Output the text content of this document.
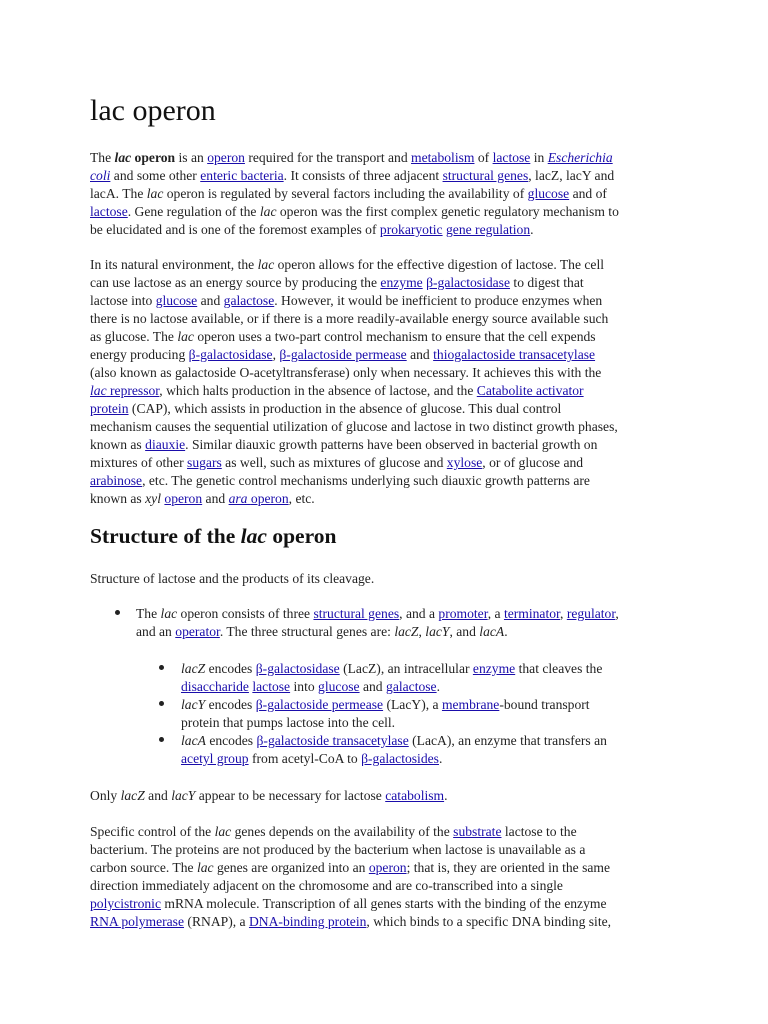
lac operon
The lac operon is an operon required for the transport and metabolism of lactose in Escherichia
coli and some other enteric bacteria. It consists of three adjacent structural genes, lacZ, lacY and
lacA. The lac operon is regulated by several factors including the availability of glucose and of
lactose. Gene regulation of the lac operon was the first complex genetic regulatory mechanism to
be elucidated and is one of the foremost examples of prokaryotic gene regulation.
In its natural environment, the lac operon allows for the effective digestion of lactose. The cell
can use lactose as an energy source by producing the enzyme β-galactosidase to digest that
lactose into glucose and galactose. However, it would be inefficient to produce enzymes when
there is no lactose available, or if there is a more readily-available energy source available such
as glucose. The lac operon uses a two-part control mechanism to ensure that the cell expends
energy producing β-galactosidase, β-galactoside permease and thiogalactoside transacetylase
(also known as galactoside O-acetyltransferase) only when necessary. It achieves this with the
lac repressor, which halts production in the absence of lactose, and the Catabolite activator
protein (CAP), which assists in production in the absence of glucose. This dual control
mechanism causes the sequential utilization of glucose and lactose in two distinct growth phases,
known as diauxie. Similar diauxic growth patterns have been observed in bacterial growth on
mixtures of other sugars as well, such as mixtures of glucose and xylose, or of glucose and
arabinose, etc. The genetic control mechanisms underlying such diauxic growth patterns are
known as xyl operon and ara operon, etc.
Structure of the lac operon
Structure of lactose and the products of its cleavage.
The lac operon consists of three structural genes, and a promoter, a terminator, regulator,
and an operator. The three structural genes are: lacZ, lacY, and lacA.
lacZ encodes β-galactosidase (LacZ), an intracellular enzyme that cleaves the
disaccharide lactose into glucose and galactose.
lacY encodes β-galactoside permease (LacY), a membrane-bound transport
protein that pumps lactose into the cell.
lacA encodes β-galactoside transacetylase (LacA), an enzyme that transfers an
acetyl group from acetyl-CoA to β-galactosides.
Only lacZ and lacY appear to be necessary for lactose catabolism.
Specific control of the lac genes depends on the availability of the substrate lactose to the
bacterium. The proteins are not produced by the bacterium when lactose is unavailable as a
carbon source. The lac genes are organized into an operon; that is, they are oriented in the same
direction immediately adjacent on the chromosome and are co-transcribed into a single
polycistronic mRNA molecule. Transcription of all genes starts with the binding of the enzyme
RNA polymerase (RNAP), a DNA-binding protein, which binds to a specific DNA binding site,
